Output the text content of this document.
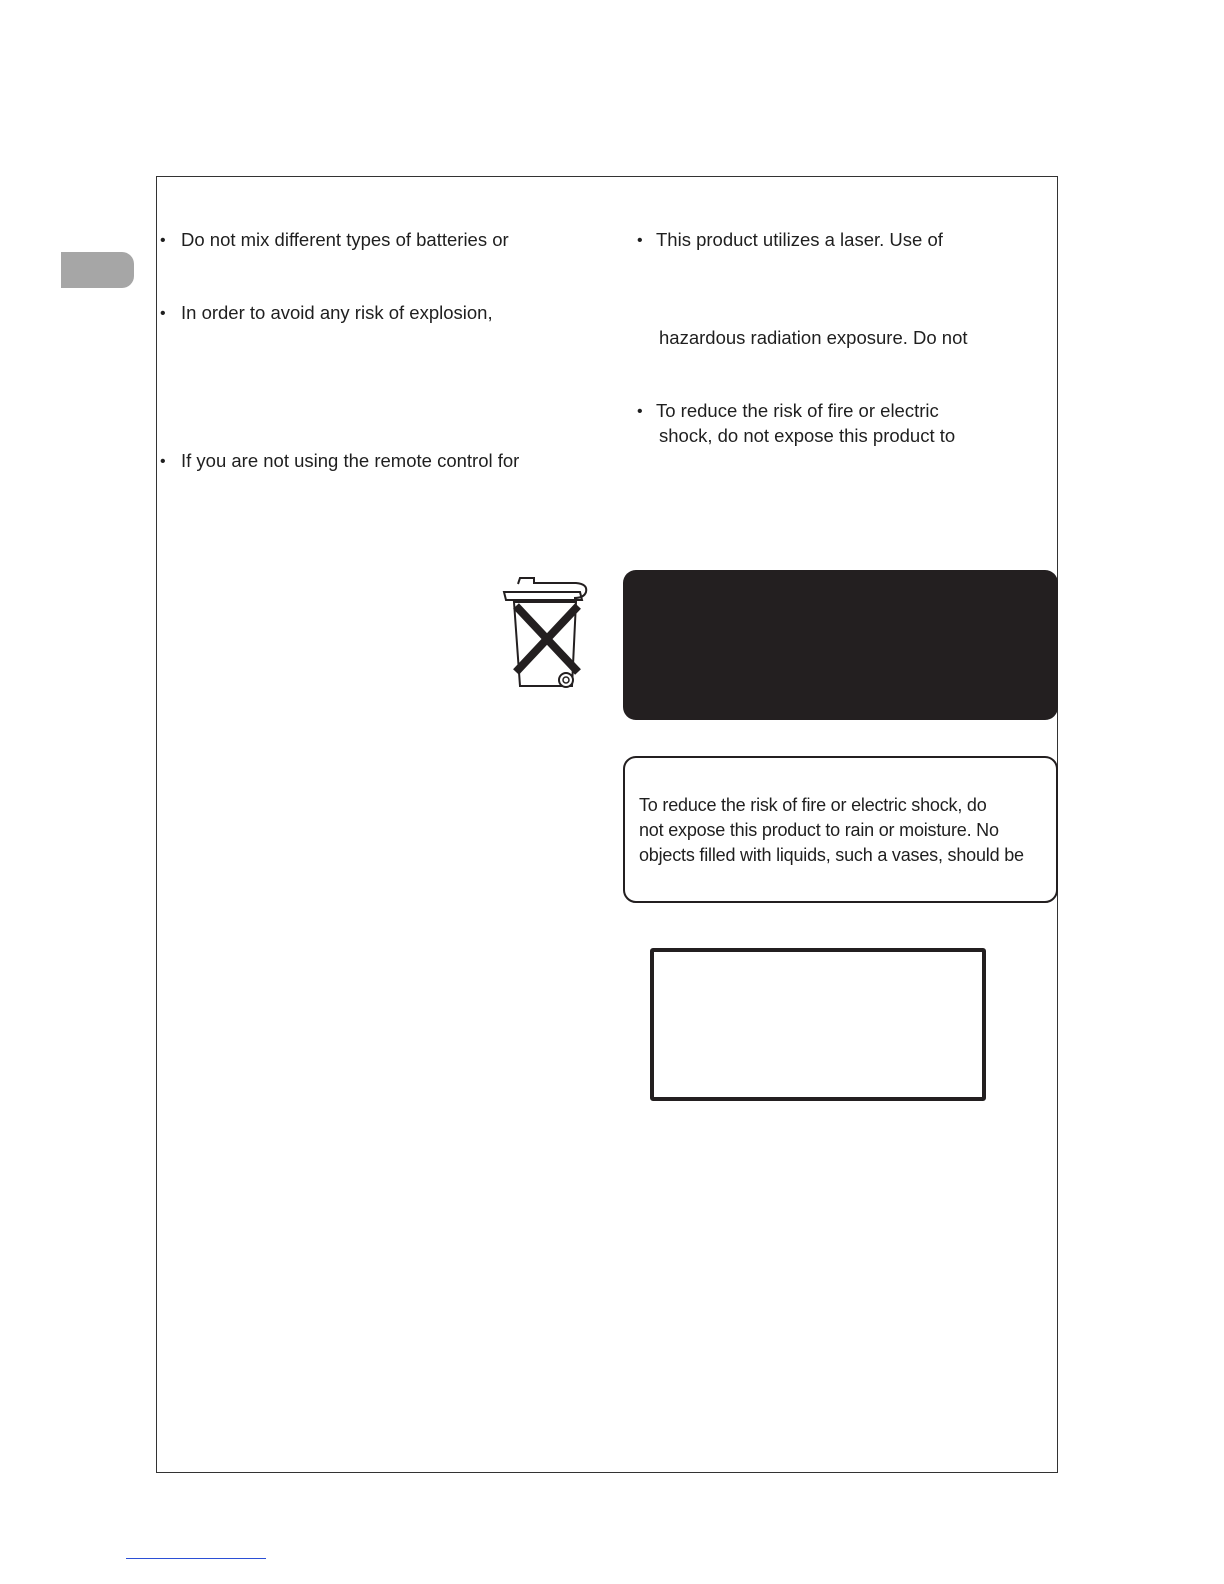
• Do not mix different types of batteries or
• In order to avoid any risk of explosion,
• If you are not using the remote control for
• This product utilizes a laser. Use of
hazardous radiation exposure. Do not
• To reduce the risk of fire or electric
shock, do not expose this product to
To reduce the risk of fire or electric shock, do
not expose this product to rain or moisture. No
objects filled with liquids, such a vases, should be
